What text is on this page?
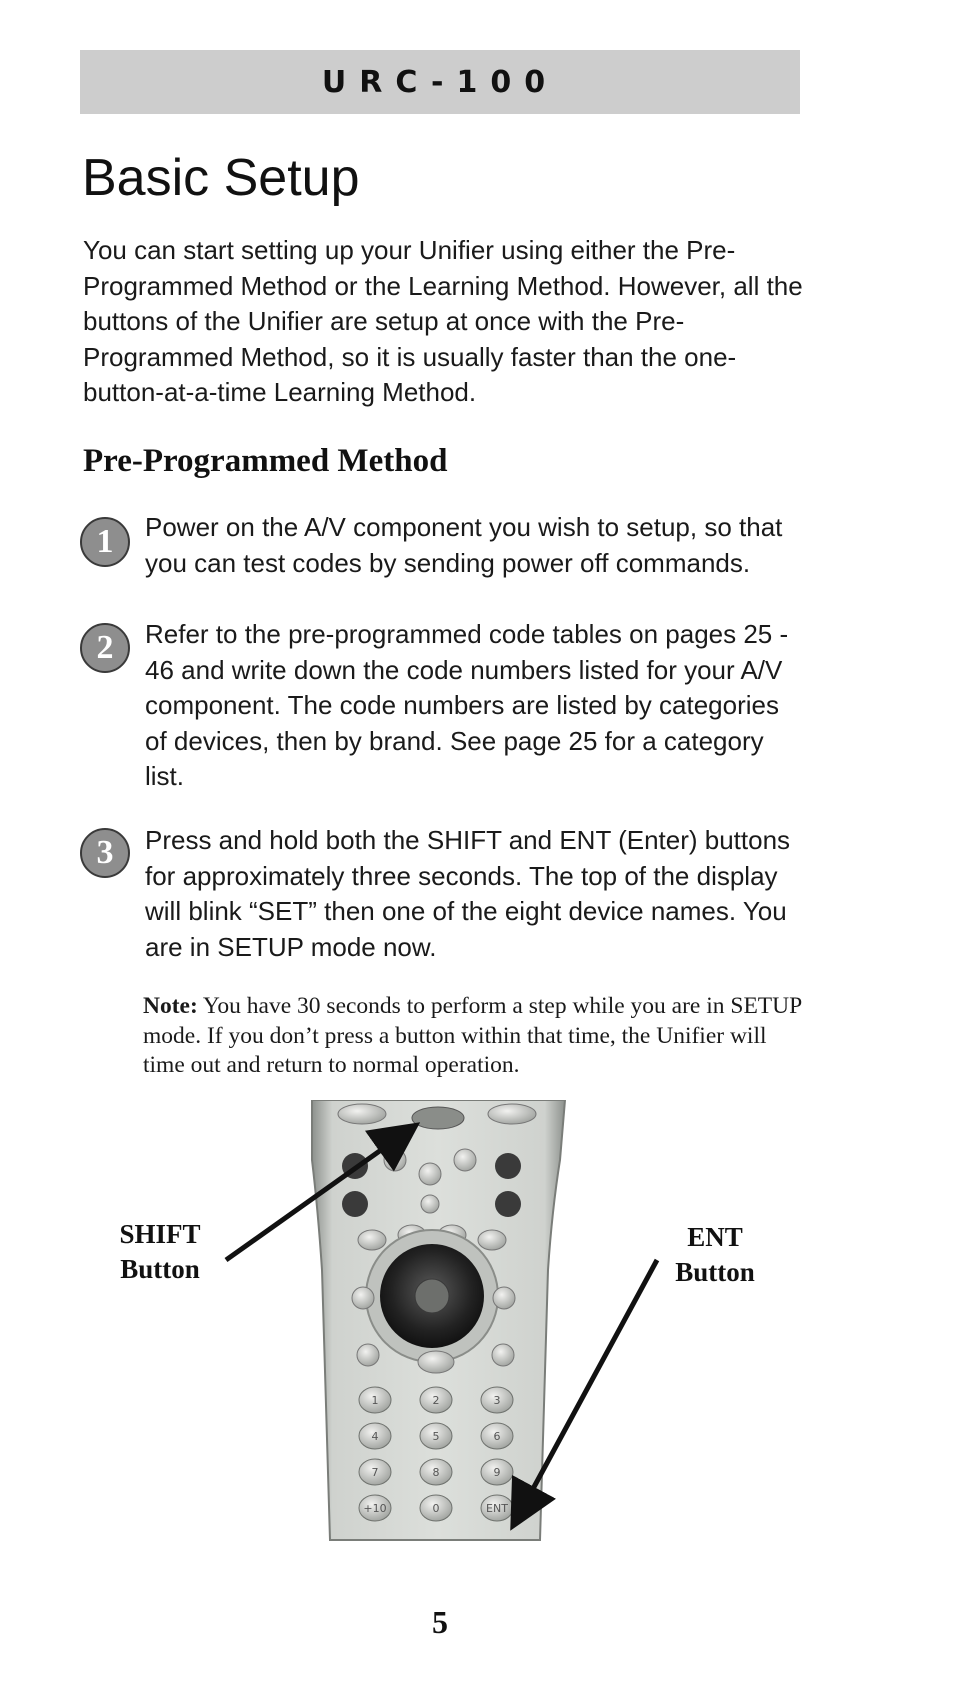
URC-100
Basic Setup

You can start setting up your Unifier using either the Pre-Programmed Method or the Learning Method. However, all the buttons of the Unifier are setup at once with the Pre-Programmed Method, so it is usually faster than the one-button-at-a-time Learning Method.

Pre-Programmed Method
1	Power on the A/V component you wish to setup, so that you can test codes by sending power off commands.

2	Refer to the pre-programmed code tables on pages 25 - 46 and write down the code numbers listed for your A/V component. The code numbers are listed by categories of devices, then by brand. See page 25 for a category list.

3	Press and hold both the SHIFT and ENT (Enter) buttons for approximately three seconds. The top of the display will blink “SET” then one of the eight device names. You are in SETUP mode now.

Note: You have 30 seconds to perform a step while you are in SETUP mode. If you don’t press a button within that time, the Unifier will time out and return to normal operation.

1	2	3
4	5	6
7	8	9
+10	0	ENT
SHIFT
Button
ENT
Button
5
